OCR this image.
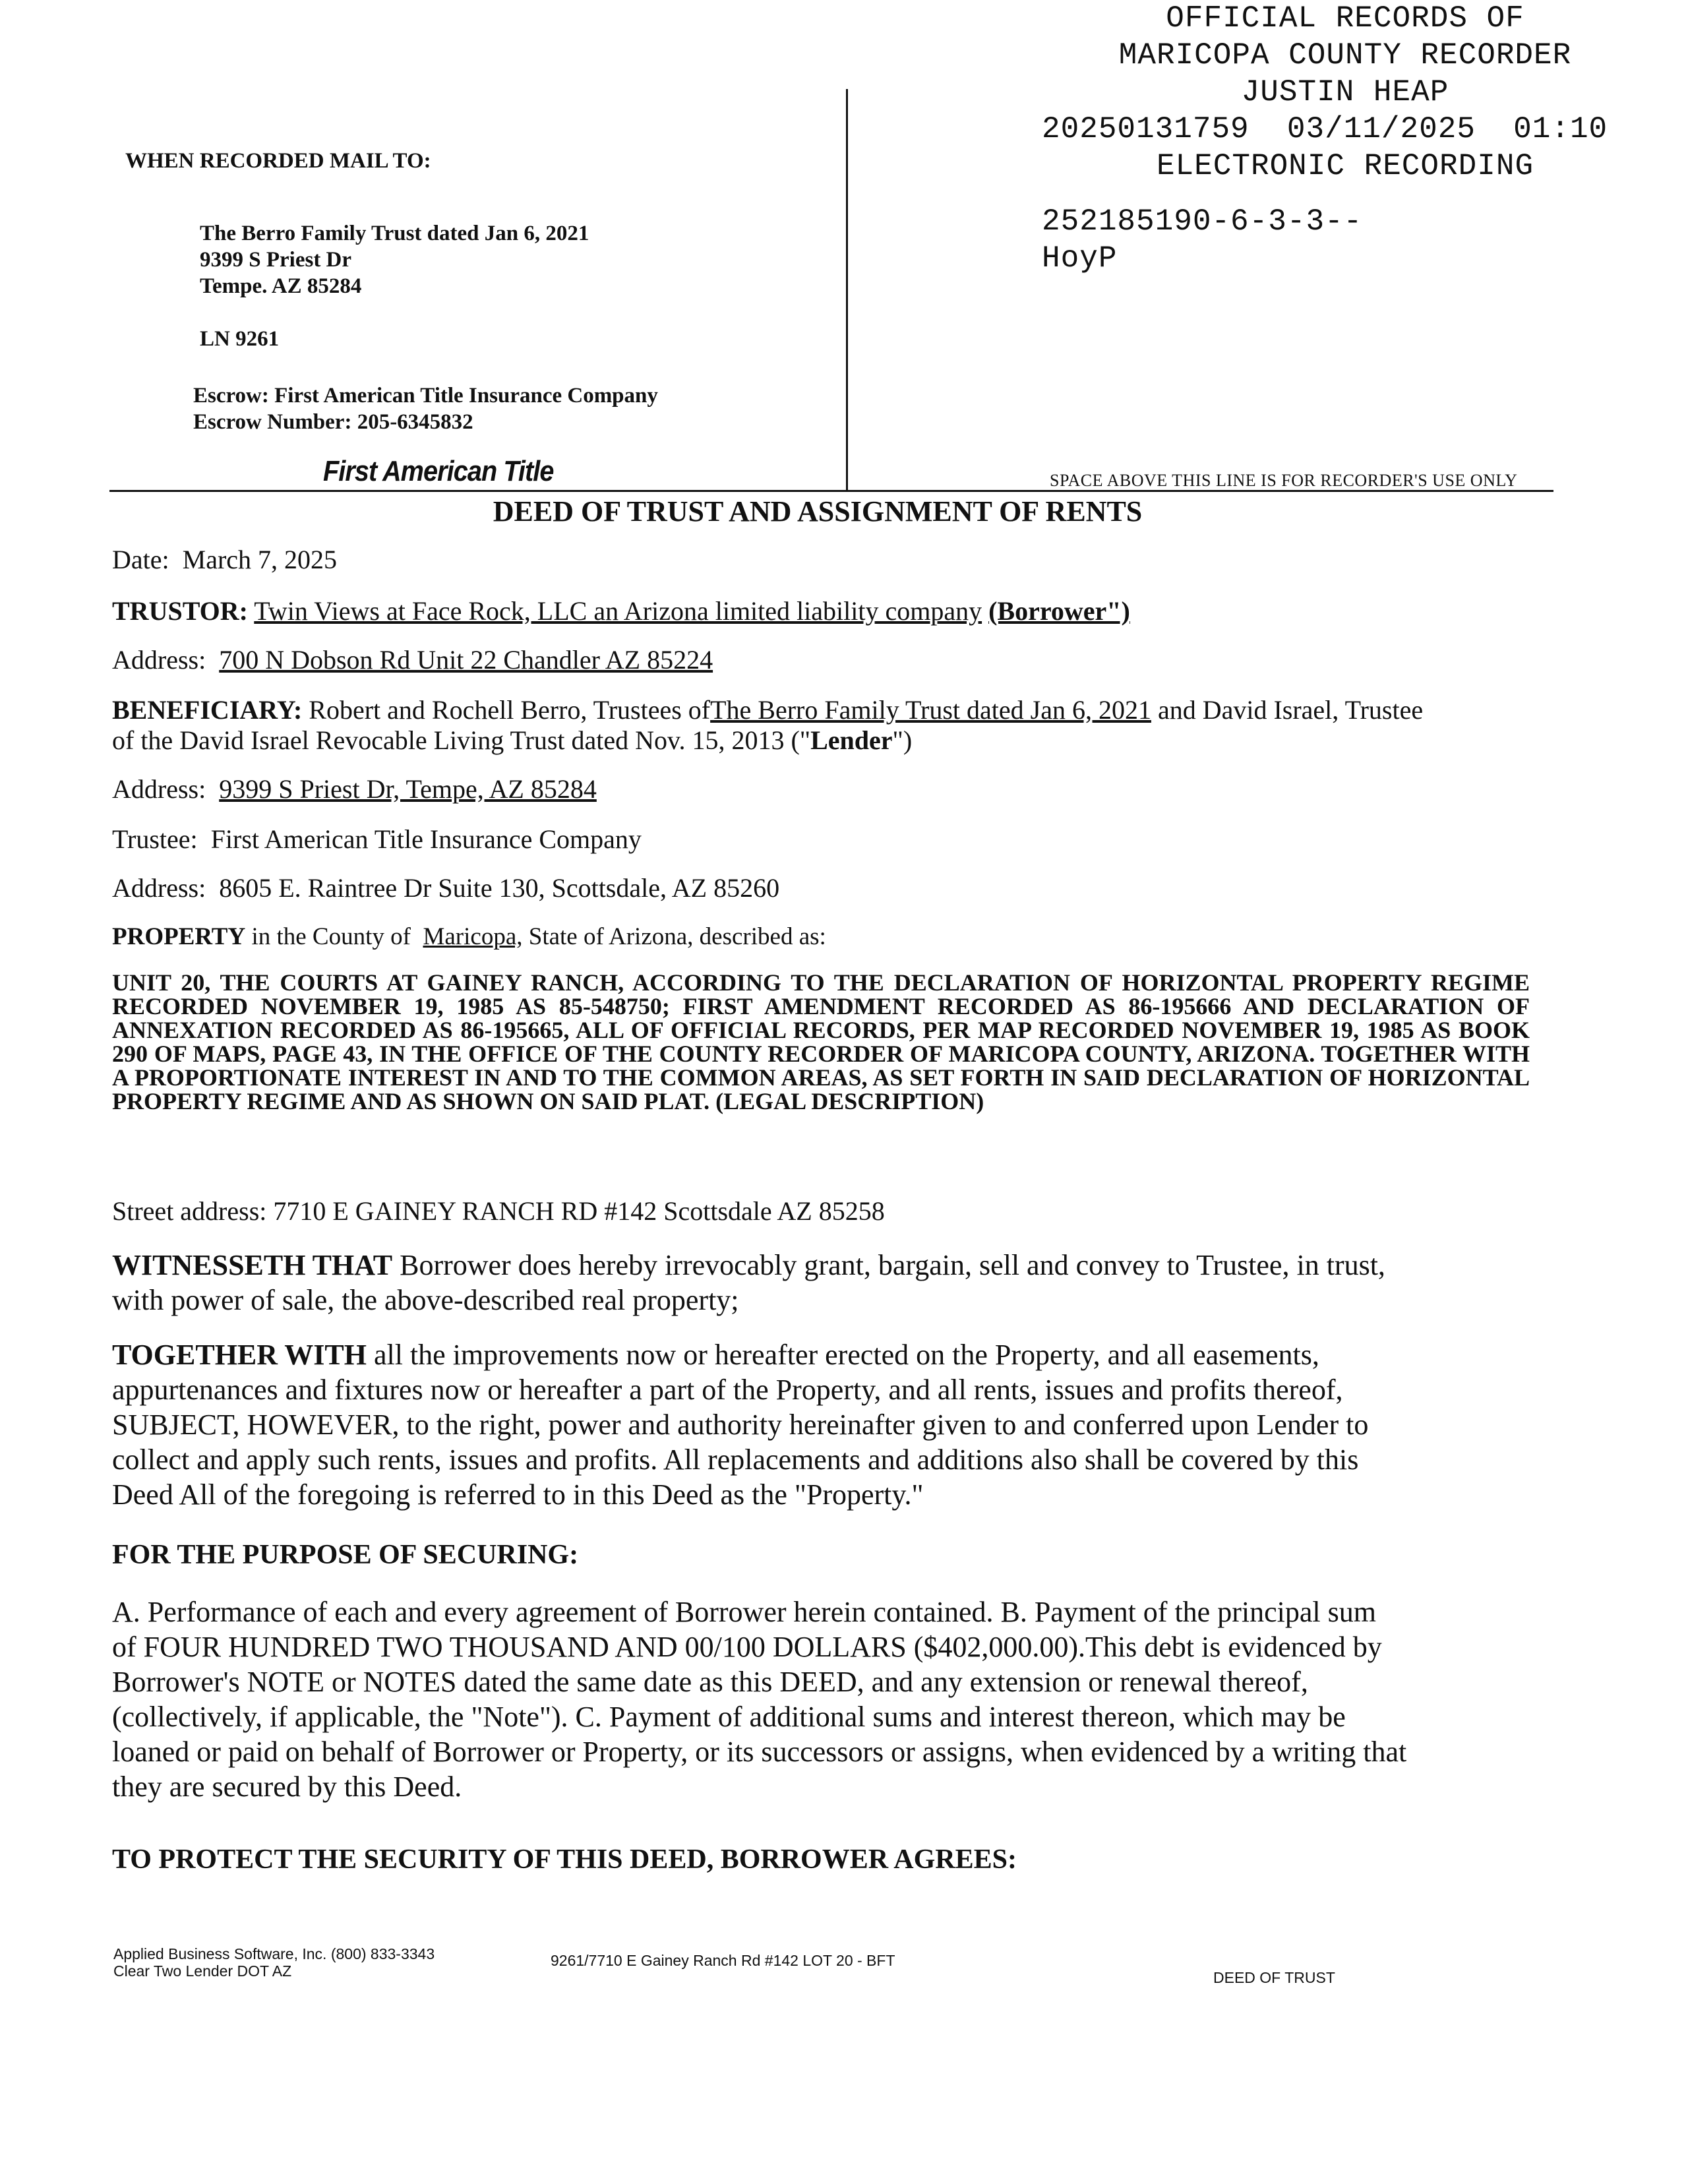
OFFICIAL RECORDS OF
MARICOPA COUNTY RECORDER
JUSTIN HEAP
20250131759 03/11/2025 01:10
ELECTRONIC RECORDING
252185190-6-3-3--
HoyP
WHEN RECORDED MAIL TO:
The Berro Family Trust dated Jan 6, 2021
9399 S Priest Dr
Tempe. AZ 85284
LN 9261
Escrow: First American Title Insurance Company
Escrow Number: 205-6345832
First American Title	SPACE ABOVE THIS LINE IS FOR RECORDER'S USE ONLY
DEED OF TRUST AND ASSIGNMENT OF RENTS
Date: March 7, 2025
TRUSTOR: Twin Views at Face Rock, LLC an Arizona limited liability company (Borrower")
Address: 700 N Dobson Rd Unit 22 Chandler AZ 85224
BENEFICIARY: Robert and Rochell Berro, Trustees ofThe Berro Family Trust dated Jan 6, 2021 and David Israel, Trustee
of the David Israel Revocable Living Trust dated Nov. 15, 2013 ("Lender")
Address: 9399 S Priest Dr, Tempe, AZ 85284
Trustee: First American Title Insurance Company
Address: 8605 E. Raintree Dr Suite 130, Scottsdale, AZ 85260
PROPERTY in the County of Maricopa, State of Arizona, described as:
UNIT 20, THE COURTS AT GAINEY RANCH, ACCORDING TO THE DECLARATION OF HORIZONTAL PROPERTY REGIME RECORDED NOVEMBER 19, 1985 AS 85-548750; FIRST AMENDMENT RECORDED AS 86-195666 AND DECLARATION OF ANNEXATION RECORDED AS 86-195665, ALL OF OFFICIAL RECORDS, PER MAP RECORDED NOVEMBER 19, 1985 AS BOOK 290 OF MAPS, PAGE 43, IN THE OFFICE OF THE COUNTY RECORDER OF MARICOPA COUNTY, ARIZONA. TOGETHER WITH A PROPORTIONATE INTEREST IN AND TO THE COMMON AREAS, AS SET FORTH IN SAID DECLARATION OF HORIZONTAL PROPERTY REGIME AND AS SHOWN ON SAID PLAT. (LEGAL DESCRIPTION)
Street address: 7710 E GAINEY RANCH RD #142 Scottsdale AZ 85258
WITNESSETH THAT Borrower does hereby irrevocably grant, bargain, sell and convey to Trustee, in trust,
with power of sale, the above-described real property;
TOGETHER WITH all the improvements now or hereafter erected on the Property, and all easements,
appurtenances and fixtures now or hereafter a part of the Property, and all rents, issues and profits thereof,
SUBJECT, HOWEVER, to the right, power and authority hereinafter given to and conferred upon Lender to
collect and apply such rents, issues and profits. All replacements and additions also shall be covered by this
Deed All of the foregoing is referred to in this Deed as the "Property."
FOR THE PURPOSE OF SECURING:
A. Performance of each and every agreement of Borrower herein contained. B. Payment of the principal sum
of FOUR HUNDRED TWO THOUSAND AND 00/100 DOLLARS ($402,000.00).This debt is evidenced by
Borrower's NOTE or NOTES dated the same date as this DEED, and any extension or renewal thereof,
(collectively, if applicable, the "Note"). C. Payment of additional sums and interest thereon, which may be
loaned or paid on behalf of Borrower or Property, or its successors or assigns, when evidenced by a writing that
they are secured by this Deed.
TO PROTECT THE SECURITY OF THIS DEED, BORROWER AGREES:
Applied Business Software, Inc. (800) 833-3343
Clear Two Lender DOT AZ
9261/7710 E Gainey Ranch Rd #142 LOT 20 - BFT
DEED OF TRUST
